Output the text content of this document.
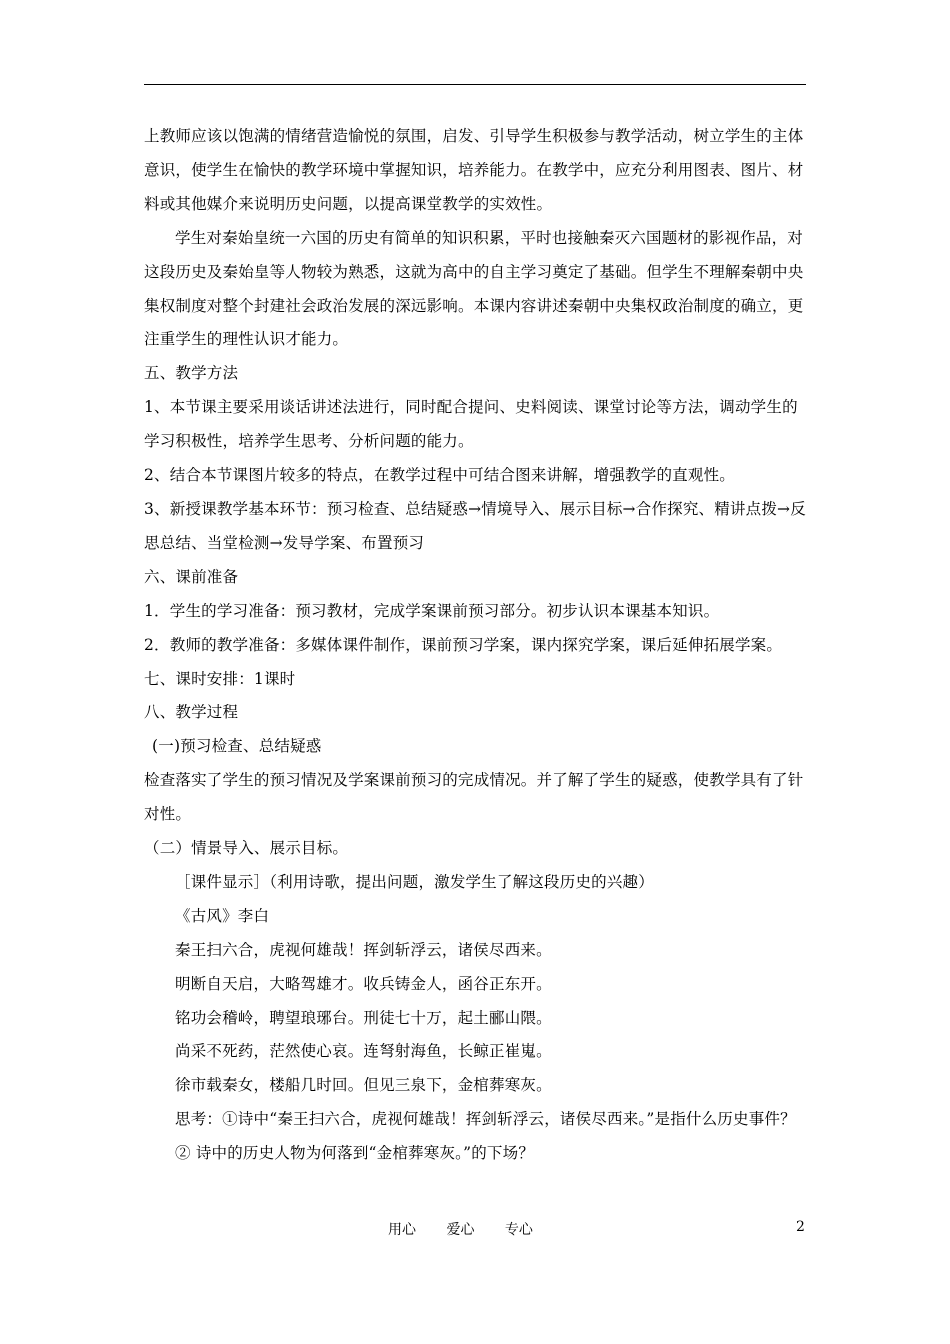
上教师应该以饱满的情绪营造愉悦的氛围，启发、引导学生积极参与教学活动，树立学生的主体意识，使学生在愉快的教学环境中掌握知识，培养能力。在教学中，应充分利用图表、图片、材料或其他媒介来说明历史问题，以提高课堂教学的实效性。

学生对秦始皇统一六国的历史有简单的知识积累，平时也接触秦灭六国题材的影视作品，对这段历史及秦始皇等人物较为熟悉，这就为高中的自主学习奠定了基础。但学生不理解秦朝中央集权制度对整个封建社会政治发展的深远影响。本课内容讲述秦朝中央集权政治制度的确立，更注重学生的理性认识才能力。

五、教学方法

1、本节课主要采用谈话讲述法进行，同时配合提问、史料阅读、课堂讨论等方法，调动学生的学习积极性，培养学生思考、分析问题的能力。

2、结合本节课图片较多的特点，在教学过程中可结合图来讲解，增强教学的直观性。

3、新授课教学基本环节：预习检查、总结疑惑→情境导入、展示目标→合作探究、精讲点拨→反思总结、当堂检测→发导学案、布置预习

六、课前准备

1．学生的学习准备：预习教材，完成学案课前预习部分。初步认识本课基本知识。

2．教师的教学准备：多媒体课件制作，课前预习学案，课内探究学案，课后延伸拓展学案。

七、课时安排：1课时

八、教学过程

(一)预习检查、总结疑惑

检查落实了学生的预习情况及学案课前预习的完成情况。并了解了学生的疑惑，使教学具有了针对性。

（二）情景导入、展示目标。

［课件显示］（利用诗歌，提出问题，激发学生了解这段历史的兴趣）

《古风》李白

秦王扫六合，虎视何雄哉！挥剑斩浮云，诸侯尽西来。

明断自天启，大略驾雄才。收兵铸金人，函谷正东开。

铭功会稽岭，聘望琅琊台。刑徒七十万，起土郦山隈。

尚采不死药，茫然使心哀。连弩射海鱼，长鲸正崔嵬。

徐市载秦女，楼船几时回。但见三泉下，金棺葬寒灰。

思考：①诗中“秦王扫六合，虎视何雄哉！挥剑斩浮云，诸侯尽西来。”是指什么历史事件？

② 诗中的历史人物为何落到“金棺葬寒灰。”的下场？

用心 爱心 专心	2
